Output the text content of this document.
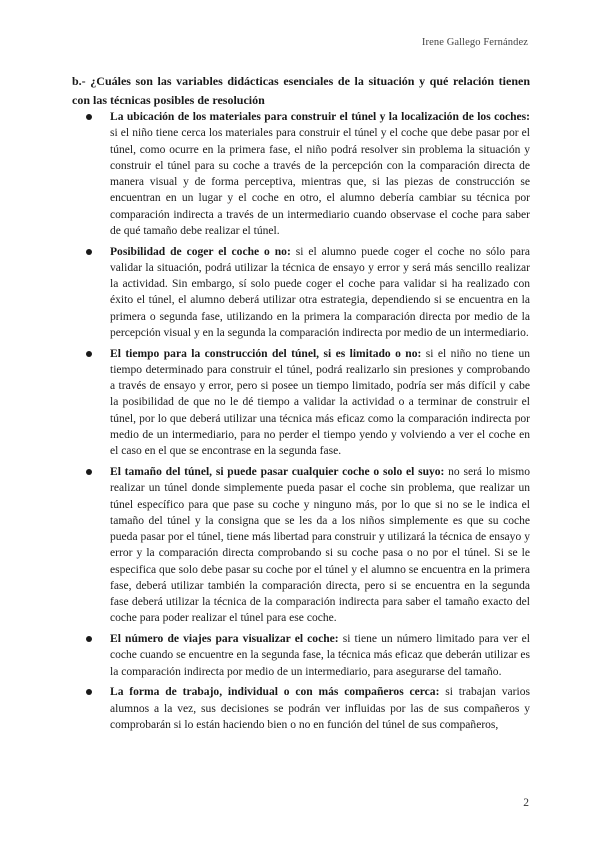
Irene Gallego Fernández

b.- ¿Cuáles son las variables didácticas esenciales de la situación y qué relación tienen con las técnicas posibles de resolución

La ubicación de los materiales para construir el túnel y la localización de los coches: si el niño tiene cerca los materiales para construir el túnel y el coche que debe pasar por el túnel, como ocurre en la primera fase, el niño podrá resolver sin problema la situación y construir el túnel para su coche a través de la percepción con la comparación directa de manera visual y de forma perceptiva, mientras que, si las piezas de construcción se encuentran en un lugar y el coche en otro, el alumno debería cambiar su técnica por comparación indirecta a través de un intermediario cuando observase el coche para saber de qué tamaño debe realizar el túnel.
Posibilidad de coger el coche o no: si el alumno puede coger el coche no sólo para validar la situación, podrá utilizar la técnica de ensayo y error y será más sencillo realizar la actividad. Sin embargo, sí solo puede coger el coche para validar si ha realizado con éxito el túnel, el alumno deberá utilizar otra estrategia, dependiendo si se encuentra en la primera o segunda fase, utilizando en la primera la comparación directa por medio de la percepción visual y en la segunda la comparación indirecta por medio de un intermediario.
El tiempo para la construcción del túnel, si es limitado o no: si el niño no tiene un tiempo determinado para construir el túnel, podrá realizarlo sin presiones y comprobando a través de ensayo y error, pero si posee un tiempo limitado, podría ser más difícil y cabe la posibilidad de que no le dé tiempo a validar la actividad o a terminar de construir el túnel, por lo que deberá utilizar una técnica más eficaz como la comparación indirecta por medio de un intermediario, para no perder el tiempo yendo y volviendo a ver el coche en el caso en el que se encontrase en la segunda fase.
El tamaño del túnel, si puede pasar cualquier coche o solo el suyo: no será lo mismo realizar un túnel donde simplemente pueda pasar el coche sin problema, que realizar un túnel específico para que pase su coche y ninguno más, por lo que si no se le indica el tamaño del túnel y la consigna que se les da a los niños simplemente es que su coche pueda pasar por el túnel, tiene más libertad para construir y utilizará la técnica de ensayo y error y la comparación directa comprobando si su coche pasa o no por el túnel. Si se le especifica que solo debe pasar su coche por el túnel y el alumno se encuentra en la primera fase, deberá utilizar también la comparación directa, pero si se encuentra en la segunda fase deberá utilizar la técnica de la comparación indirecta para saber el tamaño exacto del coche para poder realizar el túnel para ese coche.
El número de viajes para visualizar el coche: si tiene un número limitado para ver el coche cuando se encuentre en la segunda fase, la técnica más eficaz que deberán utilizar es la comparación indirecta por medio de un intermediario, para asegurarse del tamaño.
La forma de trabajo, individual o con más compañeros cerca: si trabajan varios alumnos a la vez, sus decisiones se podrán ver influidas por las de sus compañeros y comprobarán si lo están haciendo bien o no en función del túnel de sus compañeros,
2
